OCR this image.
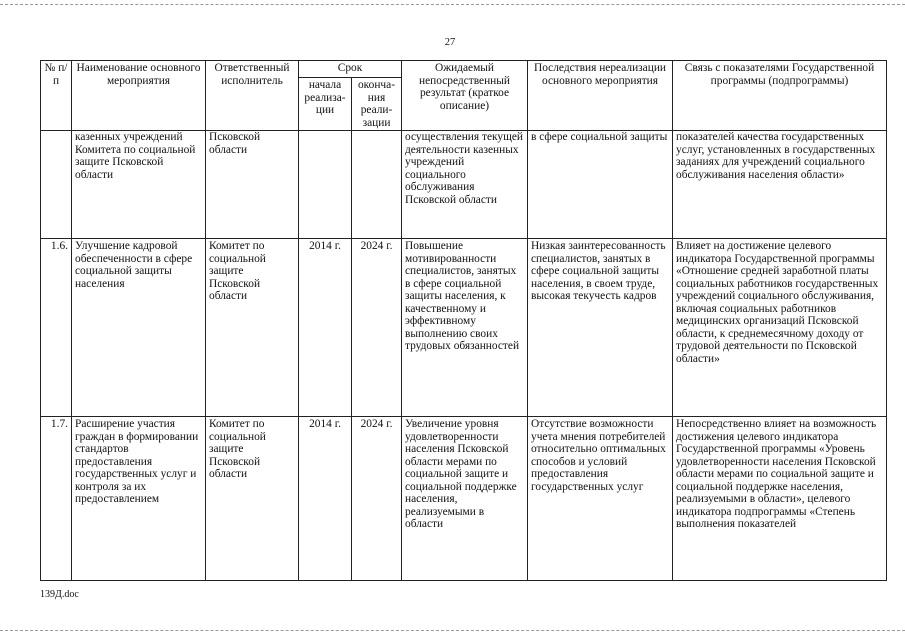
27
№ п/п	Наименование основного мероприятия	Ответственный исполнитель	Срок		Ожидаемый непосредственный результат (краткое описание)	Последствия нереализации основного мероприятия	Связь с показателями Государственной программы (подпрограммы)
			начала реализа-ции	оконча-ния реали-зации			
	казенных учреждений Комитета по социальной защите Псковской области	Псковской области			осуществления текущей деятельности казенных учреждений социального обслуживания Псковской области	в сфере социальной защиты	показателей качества государственных услуг, установленных в государственных заданиях для учреждений социального обслуживания населения области»
1.6.	Улучшение кадровой обеспеченности в сфере социальной защиты населения	Комитет по социальной защите Псковской области	2014 г.	2024 г.	Повышение мотивированности специалистов, занятых в сфере социальной защиты населения, к качественному и эффективному выполнению своих трудовых обязанностей	Низкая заинтересованность специалистов, занятых в сфере социальной защиты населения, в своем труде, высокая текучесть кадров	Влияет на достижение целевого индикатора Государственной программы «Отношение средней заработной платы социальных работников государственных учреждений социального обслуживания, включая социальных работников медицинских организаций Псковской области, к среднемесячному доходу от трудовой деятельности по Псковской области»
1.7.	Расширение участия граждан в формировании стандартов предоставления государственных услуг и контроля за их предоставлением	Комитет по социальной защите Псковской области	2014 г.	2024 г.	Увеличение уровня удовлетворенности населения Псковской области мерами по социальной защите и социальной поддержке населения, реализуемыми в области	Отсутствие возможности учета мнения потребителей относительно оптимальных способов и условий предоставления государственных услуг	Непосредственно влияет на возможность достижения целевого индикатора Государственной программы «Уровень удовлетворенности населения Псковской области мерами по социальной защите и социальной поддержке населения, реализуемыми в области», целевого индикатора подпрограммы «Степень выполнения показателей
139Д.doc
